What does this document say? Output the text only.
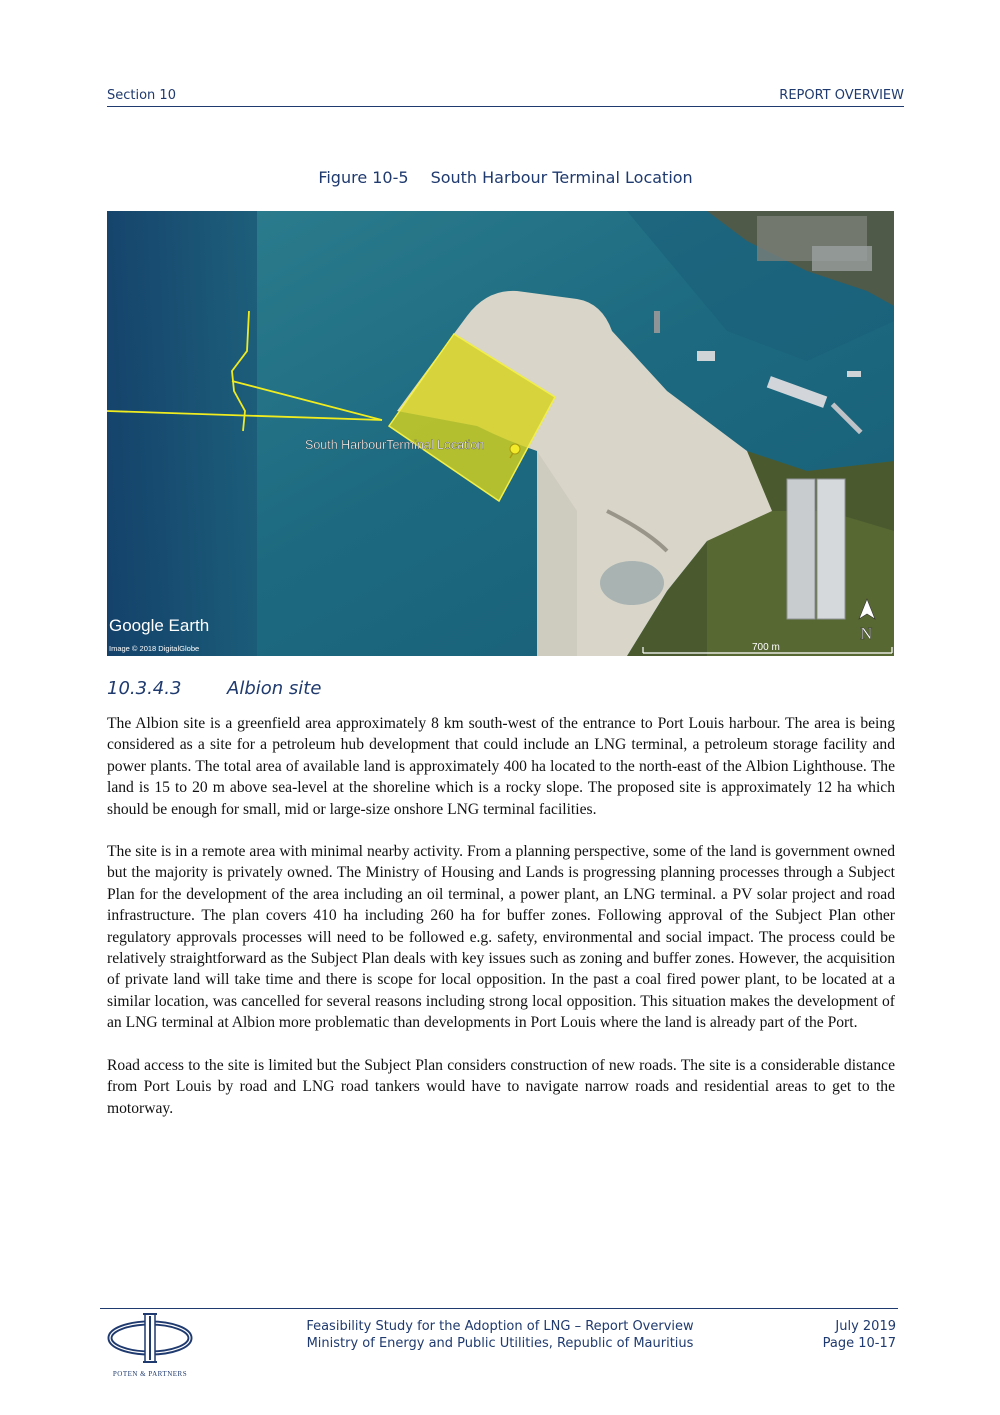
Section 10	REPORT OVERVIEW
Figure 10-5 South Harbour Terminal Location
South HarbourTerminal Location
Google Earth
Image © 2018 DigitalGlobe	700 m
N
10.3.4.3	Albion site

The Albion site is a greenfield area approximately 8 km south-west of the entrance to Port Louis harbour. The area is being considered as a site for a petroleum hub development that could include an LNG terminal, a petroleum storage facility and power plants. The total area of available land is approximately 400 ha located to the north-east of the Albion Lighthouse. The land is 15 to 20 m above sea-level at the shoreline which is a rocky slope. The proposed site is approximately 12 ha which should be enough for small, mid or large-size onshore LNG terminal facilities.

The site is in a remote area with minimal nearby activity. From a planning perspective, some of the land is government owned but the majority is privately owned. The Ministry of Housing and Lands is progressing planning processes through a Subject Plan for the development of the area including an oil terminal, a power plant, an LNG terminal. a PV solar project and road infrastructure. The plan covers 410 ha including 260 ha for buffer zones. Following approval of the Subject Plan other regulatory approvals processes will need to be followed e.g. safety, environmental and social impact. The process could be relatively straightforward as the Subject Plan deals with key issues such as zoning and buffer zones. However, the acquisition of private land will take time and there is scope for local opposition. In the past a coal fired power plant, to be located at a similar location, was cancelled for several reasons including strong local opposition. This situation makes the development of an LNG terminal at Albion more problematic than developments in Port Louis where the land is already part of the Port.

Road access to the site is limited but the Subject Plan considers construction of new roads. The site is a considerable distance from Port Louis by road and LNG road tankers would have to navigate narrow roads and residential areas to get to the motorway.

POTEN & PARTNERS
Feasibility Study for the Adoption of LNG – Report Overview
Ministry of Energy and Public Utilities, Republic of Mauritius
July 2019
Page 10-17
